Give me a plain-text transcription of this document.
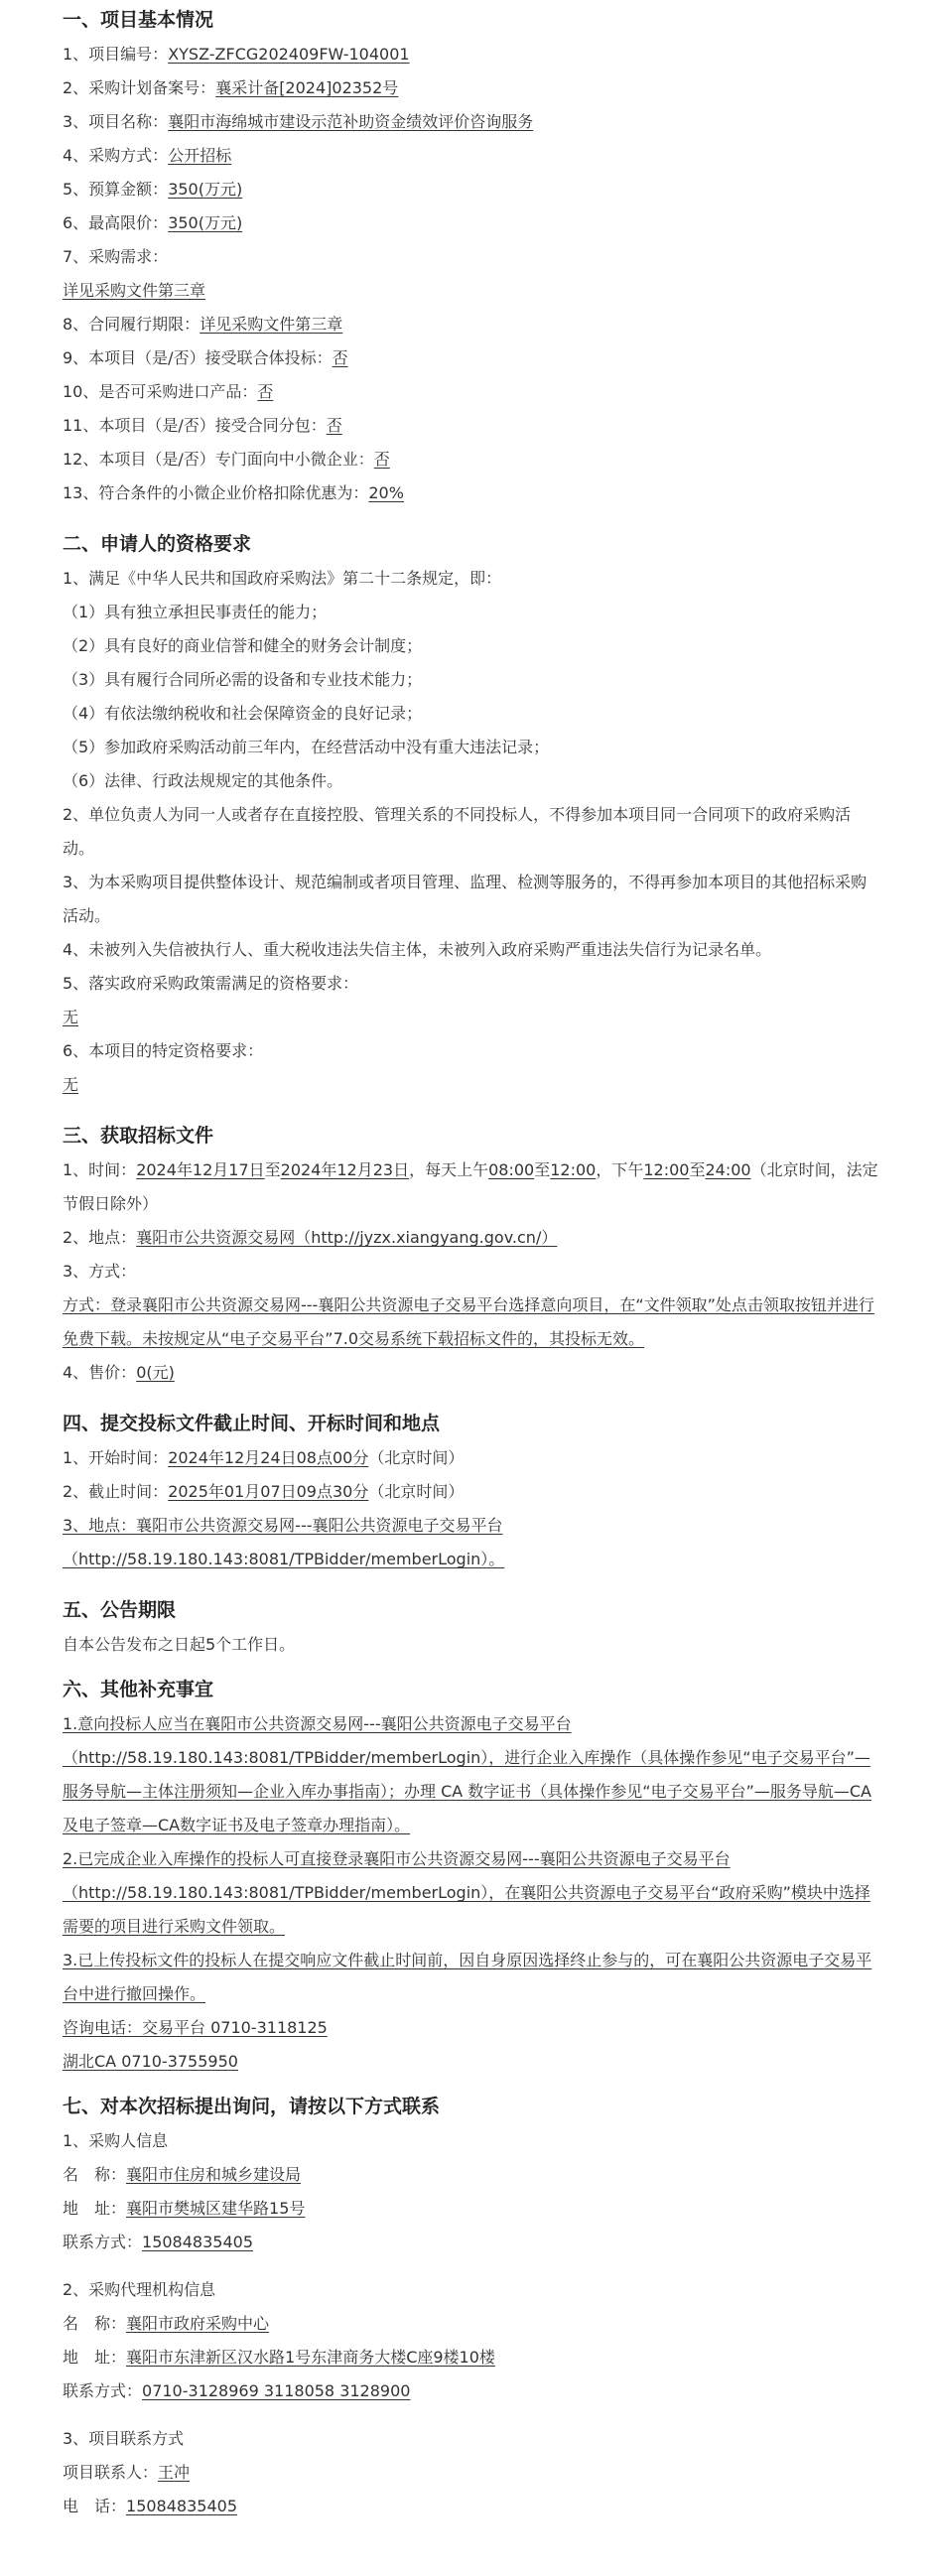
一、项目基本情况

1、项目编号：XYSZ-ZFCG202409FW-104001

2、采购计划备案号：襄采计备[2024]02352号

3、项目名称：襄阳市海绵城市建设示范补助资金绩效评价咨询服务

4、采购方式：公开招标

5、预算金额：350(万元)

6、最高限价：350(万元)

7、采购需求：

详见采购文件第三章

8、合同履行期限：详见采购文件第三章

9、本项目（是/否）接受联合体投标：否

10、是否可采购进口产品：否

11、本项目（是/否）接受合同分包：否

12、本项目（是/否）专门面向中小微企业：否

13、符合条件的小微企业价格扣除优惠为：20%

二、申请人的资格要求

1、满足《中华人民共和国政府采购法》第二十二条规定，即：

（1）具有独立承担民事责任的能力；

（2）具有良好的商业信誉和健全的财务会计制度；

（3）具有履行合同所必需的设备和专业技术能力；

（4）有依法缴纳税收和社会保障资金的良好记录；

（5）参加政府采购活动前三年内，在经营活动中没有重大违法记录；

（6）法律、行政法规规定的其他条件。

2、单位负责人为同一人或者存在直接控股、管理关系的不同投标人，不得参加本项目同一合同项下的政府采购活动。

3、为本采购项目提供整体设计、规范编制或者项目管理、监理、检测等服务的，不得再参加本项目的其他招标采购活动。

4、未被列入失信被执行人、重大税收违法失信主体，未被列入政府采购严重违法失信行为记录名单。

5、落实政府采购政策需满足的资格要求：

无

6、本项目的特定资格要求：

无

三、获取招标文件

1、时间：2024年12月17日至2024年12月23日，每天上午08:00至12:00，下午12:00至24:00（北京时间，法定节假日除外）

2、地点：襄阳市公共资源交易网（http://jyzx.xiangyang.gov.cn/）

3、方式：

方式：登录襄阳市公共资源交易网---襄阳公共资源电子交易平台选择意向项目，在“文件领取”处点击领取按钮并进行免费下载。未按规定从“电子交易平台”7.0交易系统下载招标文件的，其投标无效。

4、售价：0(元)

四、提交投标文件截止时间、开标时间和地点

1、开始时间：2024年12月24日08点00分（北京时间）

2、截止时间：2025年01月07日09点30分（北京时间）

3、地点：襄阳市公共资源交易网---襄阳公共资源电子交易平台（http://58.19.180.143:8081/TPBidder/memberLogin）。

五、公告期限

自本公告发布之日起5个工作日。

六、其他补充事宜

1.意向投标人应当在襄阳市公共资源交易网---襄阳公共资源电子交易平台（http://58.19.180.143:8081/TPBidder/memberLogin），进行企业入库操作（具体操作参见“电子交易平台”—服务导航—主体注册须知—企业入库办事指南）；办理 CA 数字证书（具体操作参见“电子交易平台”—服务导航—CA 及电子签章—CA数字证书及电子签章办理指南）。

2.已完成企业入库操作的投标人可直接登录襄阳市公共资源交易网---襄阳公共资源电子交易平台（http://58.19.180.143:8081/TPBidder/memberLogin），在襄阳公共资源电子交易平台“政府采购”模块中选择需要的项目进行采购文件领取。

3.已上传投标文件的投标人在提交响应文件截止时间前，因自身原因选择终止参与的，可在襄阳公共资源电子交易平台中进行撤回操作。

咨询电话：交易平台 0710-3118125

湖北CA 0710-3755950

七、对本次招标提出询问，请按以下方式联系

1、采购人信息

名　称：襄阳市住房和城乡建设局

地　址：襄阳市樊城区建华路15号

联系方式：15084835405

2、采购代理机构信息

名　称：襄阳市政府采购中心

地　址：襄阳市东津新区汉水路1号东津商务大楼C座9楼10楼

联系方式：0710-3128969 3118058 3128900

3、项目联系方式

项目联系人：王冲

电　话：15084835405
